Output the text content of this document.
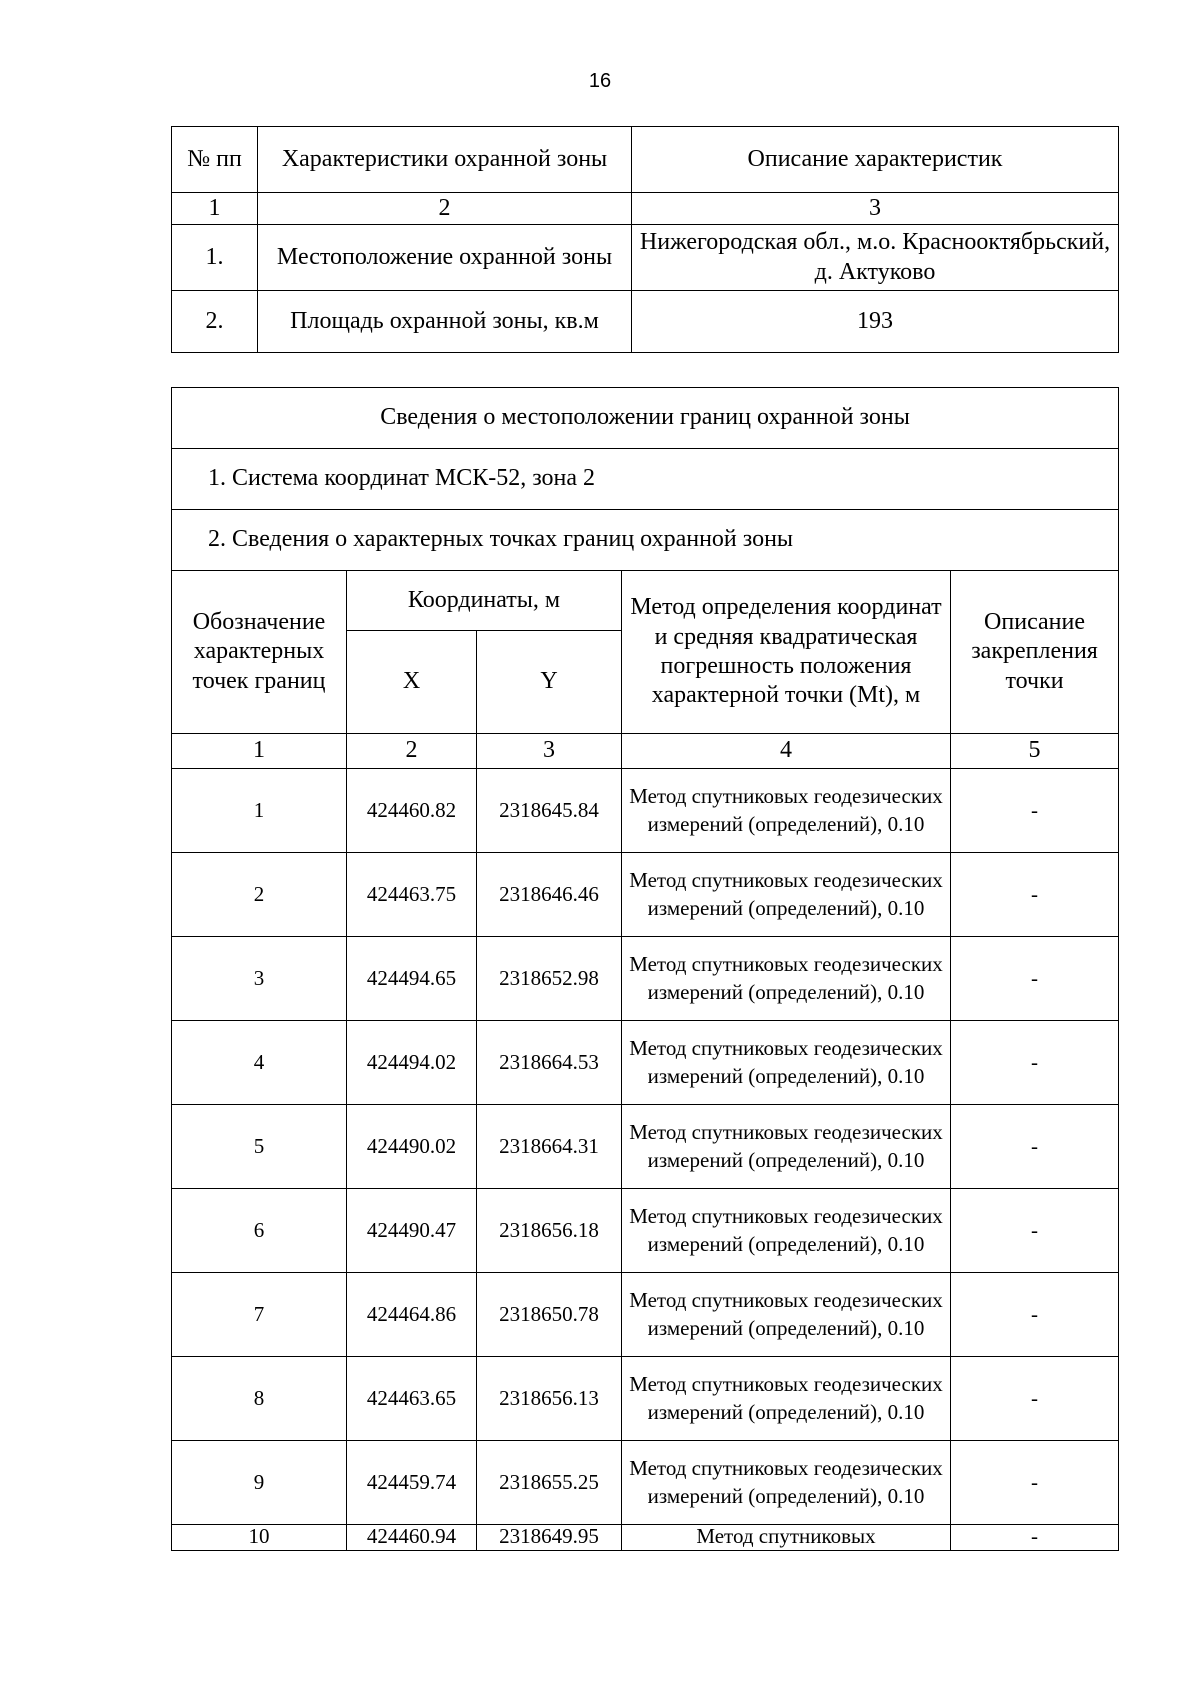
16
№ пп	Характеристики охранной зоны	Описание характеристик
1	2	3
1.	Местоположение охранной зоны	Нижегородская обл., м.о. Краснооктябрьский, д. Актуково
2.	Площадь охранной зоны, кв.м	193
Сведения о местоположении границ охранной зоны				
1. Система координат МСК-52, зона 2				
2. Сведения о характерных точках границ охранной зоны				
Обозначение характерных точек границ	Координаты, м		Метод определения координат и средняя квадратическая погрешность положения характерной точки (Mt), м	Описание закрепления точки
	X	Y		
1	2	3	4	5
1	424460.82	2318645.84	Метод спутниковых геодезических измерений (определений), 0.10	-
2	424463.75	2318646.46	Метод спутниковых геодезических измерений (определений), 0.10	-
3	424494.65	2318652.98	Метод спутниковых геодезических измерений (определений), 0.10	-
4	424494.02	2318664.53	Метод спутниковых геодезических измерений (определений), 0.10	-
5	424490.02	2318664.31	Метод спутниковых геодезических измерений (определений), 0.10	-
6	424490.47	2318656.18	Метод спутниковых геодезических измерений (определений), 0.10	-
7	424464.86	2318650.78	Метод спутниковых геодезических измерений (определений), 0.10	-
8	424463.65	2318656.13	Метод спутниковых геодезических измерений (определений), 0.10	-
9	424459.74	2318655.25	Метод спутниковых геодезических измерений (определений), 0.10	-
10	424460.94	2318649.95	Метод спутниковых	-
